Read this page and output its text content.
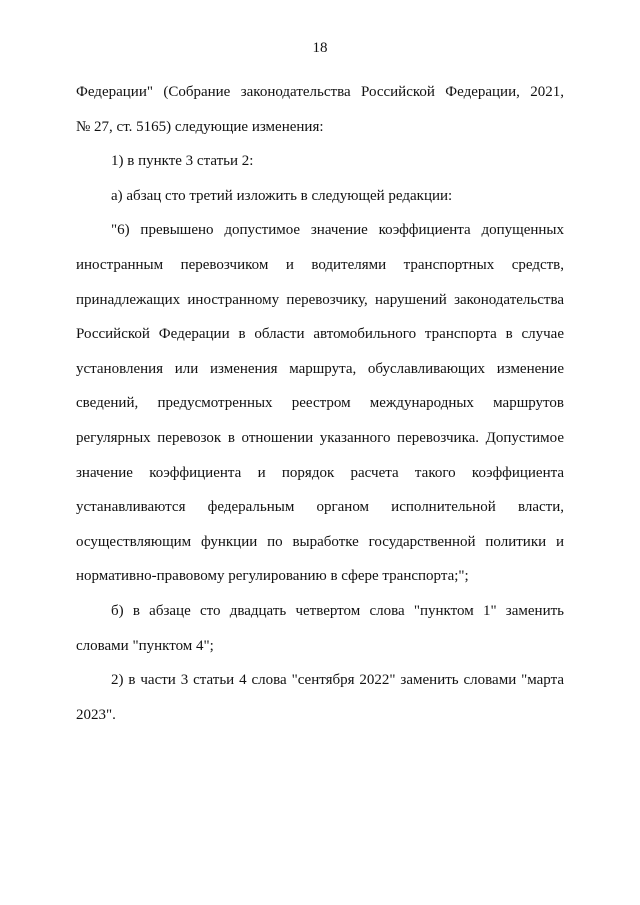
18
Федерации" (Собрание законодательства Российской Федерации, 2021,
№ 27, ст. 5165) следующие изменения:
1) в пункте 3 статьи 2:
а) абзац сто третий изложить в следующей редакции:
"6) превышено допустимое значение коэффициента допущенных
иностранным перевозчиком и водителями транспортных средств,
принадлежащих иностранному перевозчику, нарушений законодательства
Российской Федерации в области автомобильного транспорта в случае
установления или изменения маршрута, обуславливающих изменение
сведений, предусмотренных реестром международных маршрутов
регулярных перевозок в отношении указанного перевозчика. Допустимое
значение коэффициента и порядок расчета такого коэффициента
устанавливаются федеральным органом исполнительной власти,
осуществляющим функции по выработке государственной политики и
нормативно-правовому регулированию в сфере транспорта;";
б) в абзаце сто двадцать четвертом слова "пунктом 1" заменить
словами "пунктом 4";
2) в части 3 статьи 4 слова "сентября 2022" заменить словами "марта
2023".
